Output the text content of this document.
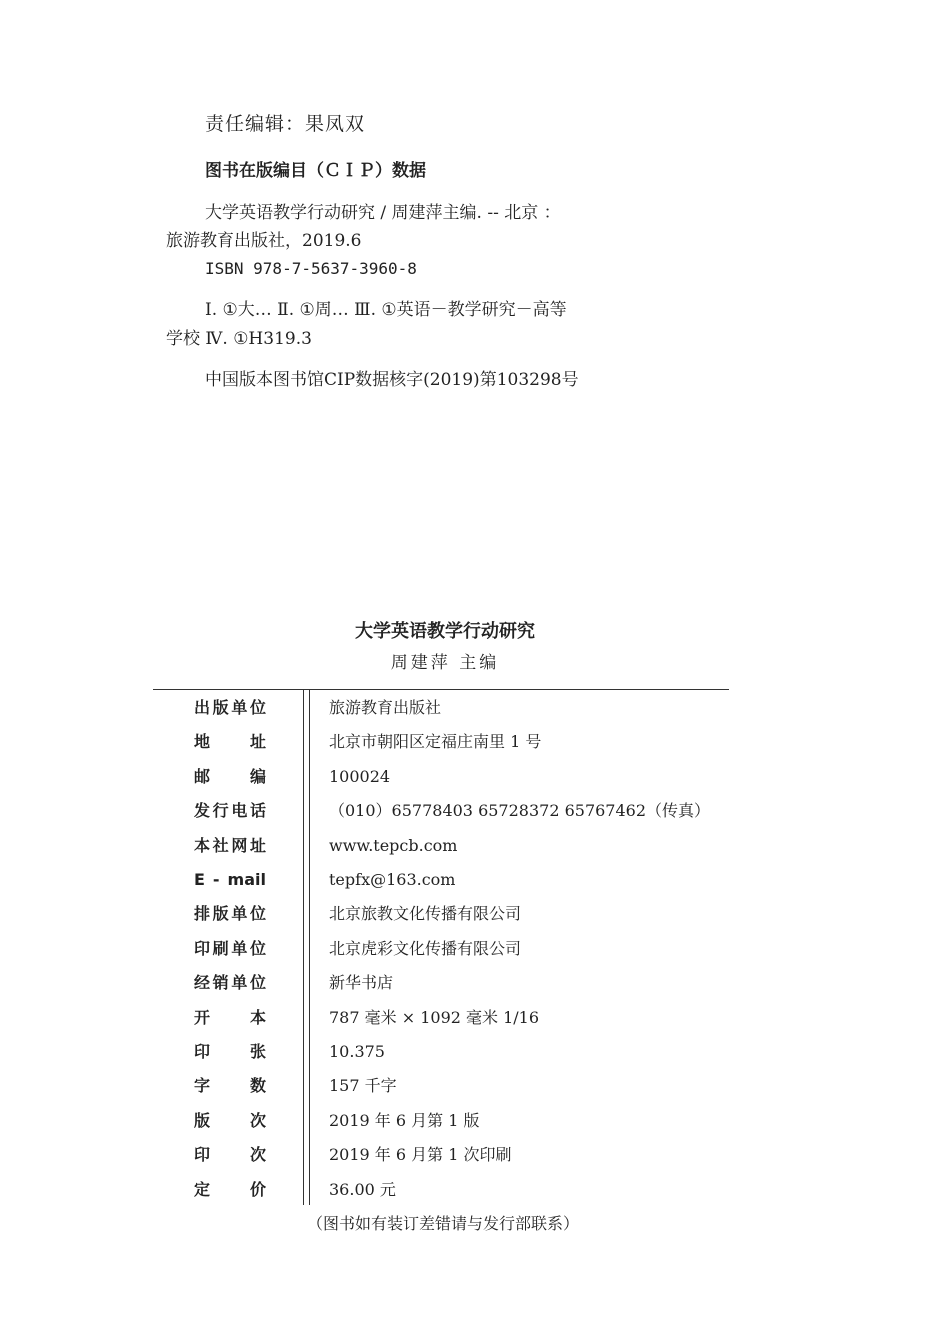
责任编辑：果凤双
图书在版编目（ＣＩＰ）数据
大学英语教学行动研究 / 周建萍主编. -- 北京 ：
旅游教育出版社，2019.6
ISBN 978-7-5637-3960-8
Ⅰ. ①大… Ⅱ. ①周… Ⅲ. ①英语－教学研究－高等
学校 Ⅳ. ①H319.3
中国版本图书馆CIP数据核字(2019)第103298号
大学英语教学行动研究
周建萍 主编
出版单位	旅游教育出版社
地址	北京市朝阳区定福庄南里 1 号
邮编	100024
发行电话	（010）65778403 65728372 65767462（传真）
本社网址	www.tepcb.com
E - mail	tepfx@163.com
排版单位	北京旅教文化传播有限公司
印刷单位	北京虎彩文化传播有限公司
经销单位	新华书店
开本	787 毫米 × 1092 毫米 1/16
印张	10.375
字数	157 千字
版次	2019 年 6 月第 1 版
印次	2019 年 6 月第 1 次印刷
定价	36.00 元
（图书如有装订差错请与发行部联系）
